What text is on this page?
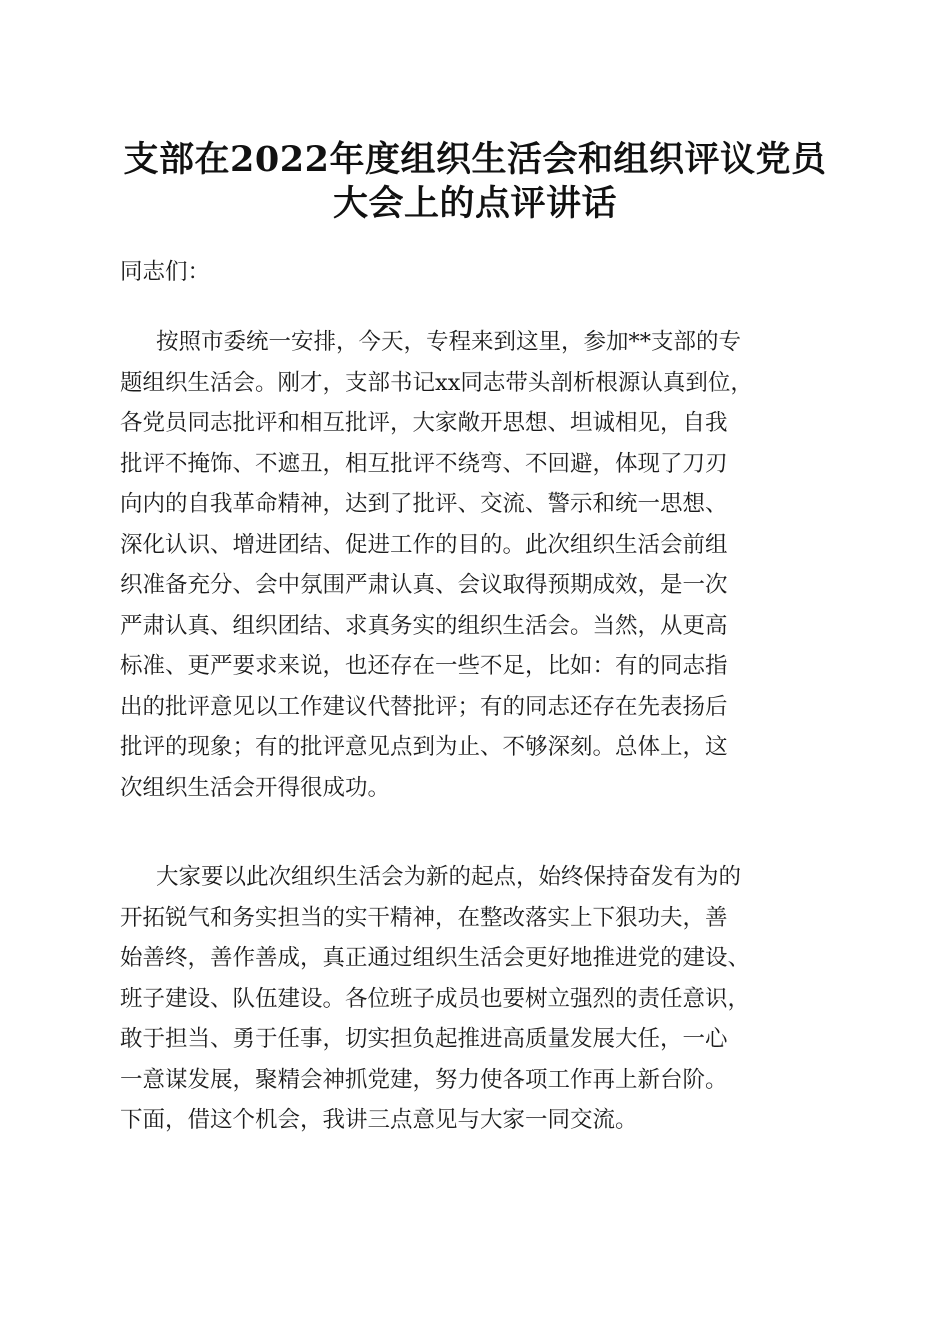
支部在2022年度组织生活会和组织评议党员
大会上的点评讲话
同志们：
按照市委统一安排，今天，专程来到这里，参加**支部的专
题组织生活会。刚才，支部书记xx同志带头剖析根源认真到位，
各党员同志批评和相互批评，大家敞开思想、坦诚相见，自我
批评不掩饰、不遮丑，相互批评不绕弯、不回避，体现了刀刃
向内的自我革命精神，达到了批评、交流、警示和统一思想、
深化认识、增进团结、促进工作的目的。此次组织生活会前组
织准备充分、会中氛围严肃认真、会议取得预期成效，是一次
严肃认真、组织团结、求真务实的组织生活会。当然，从更高
标准、更严要求来说，也还存在一些不足，比如：有的同志指
出的批评意见以工作建议代替批评；有的同志还存在先表扬后
批评的现象；有的批评意见点到为止、不够深刻。总体上，这
次组织生活会开得很成功。
大家要以此次组织生活会为新的起点，始终保持奋发有为的
开拓锐气和务实担当的实干精神，在整改落实上下狠功夫，善
始善终，善作善成，真正通过组织生活会更好地推进党的建设、
班子建设、队伍建设。各位班子成员也要树立强烈的责任意识，
敢于担当、勇于任事，切实担负起推进高质量发展大任，一心
一意谋发展，聚精会神抓党建，努力使各项工作再上新台阶。
下面，借这个机会，我讲三点意见与大家一同交流。
